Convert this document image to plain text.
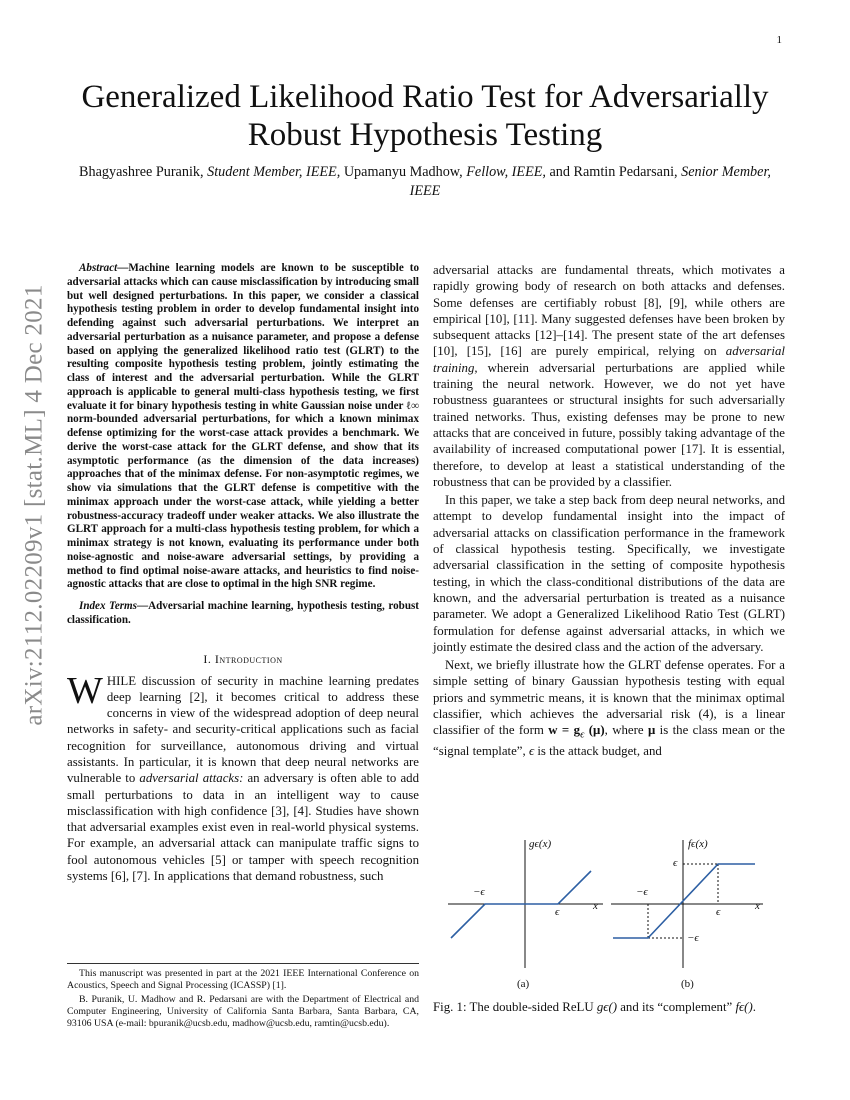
1
arXiv:2112.02209v1 [stat.ML] 4 Dec 2021
Generalized Likelihood Ratio Test for Adversarially Robust Hypothesis Testing

Bhagyashree Puranik, Student Member, IEEE, Upamanyu Madhow, Fellow, IEEE, and Ramtin Pedarsani, Senior Member, IEEE

Abstract—Machine learning models are known to be susceptible to adversarial attacks which can cause misclassification by introducing small but well designed perturbations. In this paper, we consider a classical hypothesis testing problem in order to develop fundamental insight into defending against such adversarial perturbations. We interpret an adversarial perturbation as a nuisance parameter, and propose a defense based on applying the generalized likelihood ratio test (GLRT) to the resulting composite hypothesis testing problem, jointly estimating the class of interest and the adversarial perturbation. While the GLRT approach is applicable to general multi-class hypothesis testing, we first evaluate it for binary hypothesis testing in white Gaussian noise under ℓ∞ norm-bounded adversarial perturbations, for which a known minimax defense optimizing for the worst-case attack provides a benchmark. We derive the worst-case attack for the GLRT defense, and show that its asymptotic performance (as the dimension of the data increases) approaches that of the minimax defense. For non-asymptotic regimes, we show via simulations that the GLRT defense is competitive with the minimax approach under the worst-case attack, while yielding a better robustness-accuracy tradeoff under weaker attacks. We also illustrate the GLRT approach for a multi-class hypothesis testing problem, for which a minimax strategy is not known, evaluating its performance under both noise-agnostic and noise-aware adversarial settings, by providing a method to find optimal noise-aware attacks, and heuristics to find noise-agnostic attacks that are close to optimal in the high SNR regime.

Index Terms—Adversarial machine learning, hypothesis testing, robust classification.

I. Introduction

WHILE discussion of security in machine learning predates deep learning [2], it becomes critical to address these concerns in view of the widespread adoption of deep neural networks in safety- and security-critical applications such as facial recognition for surveillance, autonomous driving and virtual assistants. In particular, it is known that deep neural networks are vulnerable to adversarial attacks: an adversary is often able to add small perturbations to data in an intelligent way to cause misclassification with high confidence [3], [4]. Studies have shown that adversarial examples exist even in real-world physical systems. For example, an adversarial attack can manipulate traffic signs to fool autonomous vehicles [5] or tamper with speech recognition systems [6], [7]. In applications that demand robustness, such

This manuscript was presented in part at the 2021 IEEE International Conference on Acoustics, Speech and Signal Processing (ICASSP) [1].

B. Puranik, U. Madhow and R. Pedarsani are with the Department of Electrical and Computer Engineering, University of California Santa Barbara, Santa Barbara, CA, 93106 USA (e-mail: bpuranik@ucsb.edu, madhow@ucsb.edu, ramtin@ucsb.edu).

adversarial attacks are fundamental threats, which motivates a rapidly growing body of research on both attacks and defenses. Some defenses are certifiably robust [8], [9], while others are empirical [10], [11]. Many suggested defenses have been broken by subsequent attacks [12]–[14]. The present state of the art defenses [10], [15], [16] are purely empirical, relying on adversarial training, wherein adversarial perturbations are applied while training the neural network. However, we do not yet have robustness guarantees or structural insights for such adversarially trained networks. Thus, existing defenses may be prone to new attacks that are conceived in future, possibly taking advantage of the availability of increased computational power [17]. It is essential, therefore, to develop at least a statistical understanding of the robustness that can be provided by a classifier.

In this paper, we take a step back from deep neural networks, and attempt to develop fundamental insight into the impact of adversarial attacks on classification performance in the framework of classical hypothesis testing. Specifically, we investigate adversarial classification in the setting of composite hypothesis testing, in which the class-conditional distributions of the data are known, and the adversarial perturbation is treated as a nuisance parameter. We adopt a Generalized Likelihood Ratio Test (GLRT) formulation for defense against adversarial attacks, in which we jointly estimate the desired class and the action of the adversary.

Next, we briefly illustrate how the GLRT defense operates. For a simple setting of binary Gaussian hypothesis testing with equal priors and symmetric means, it is known that the minimax optimal classifier, which achieves the adversarial risk (4), is a linear classifier of the form $w = g_\epsilon$ (μ), where μ is the class mean or the “signal template”, ϵ is the attack budget, and

gϵ(x)
−ϵ
ϵ	x
(a)
fϵ(x)
ϵ
−ϵ
ϵ	x
−ϵ
(b)

Fig. 1: The double-sided ReLU gϵ() and its “complement” fϵ().
